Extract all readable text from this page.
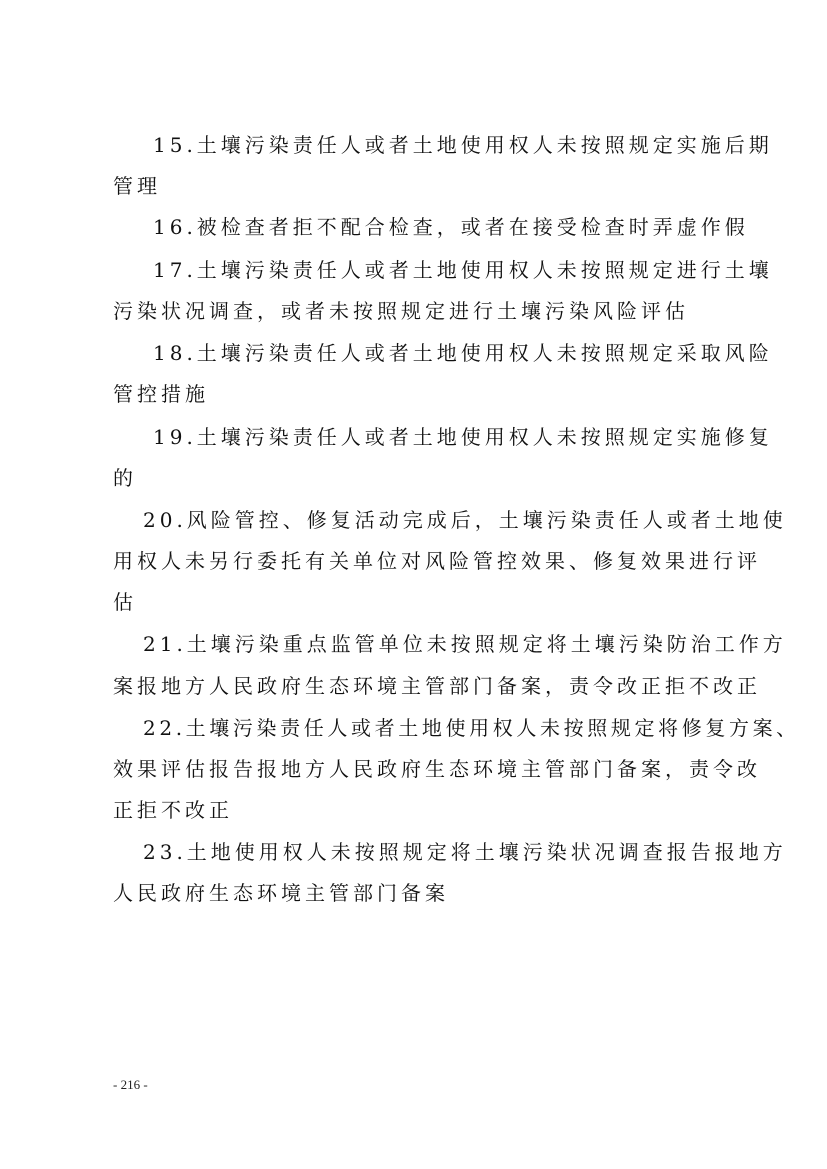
15.土壤污染责任人或者土地使用权人未按照规定实施后期
管理
16.被检查者拒不配合检查，或者在接受检查时弄虚作假
17.土壤污染责任人或者土地使用权人未按照规定进行土壤
污染状况调查，或者未按照规定进行土壤污染风险评估
18.土壤污染责任人或者土地使用权人未按照规定采取风险
管控措施
19.土壤污染责任人或者土地使用权人未按照规定实施修复
的
20.风险管控、修复活动完成后，土壤污染责任人或者土地使
用权人未另行委托有关单位对风险管控效果、修复效果进行评
估
21.土壤污染重点监管单位未按照规定将土壤污染防治工作方
案报地方人民政府生态环境主管部门备案，责令改正拒不改正
22.土壤污染责任人或者土地使用权人未按照规定将修复方案、
效果评估报告报地方人民政府生态环境主管部门备案，责令改
正拒不改正
23.土地使用权人未按照规定将土壤污染状况调查报告报地方
人民政府生态环境主管部门备案
- 216 -
